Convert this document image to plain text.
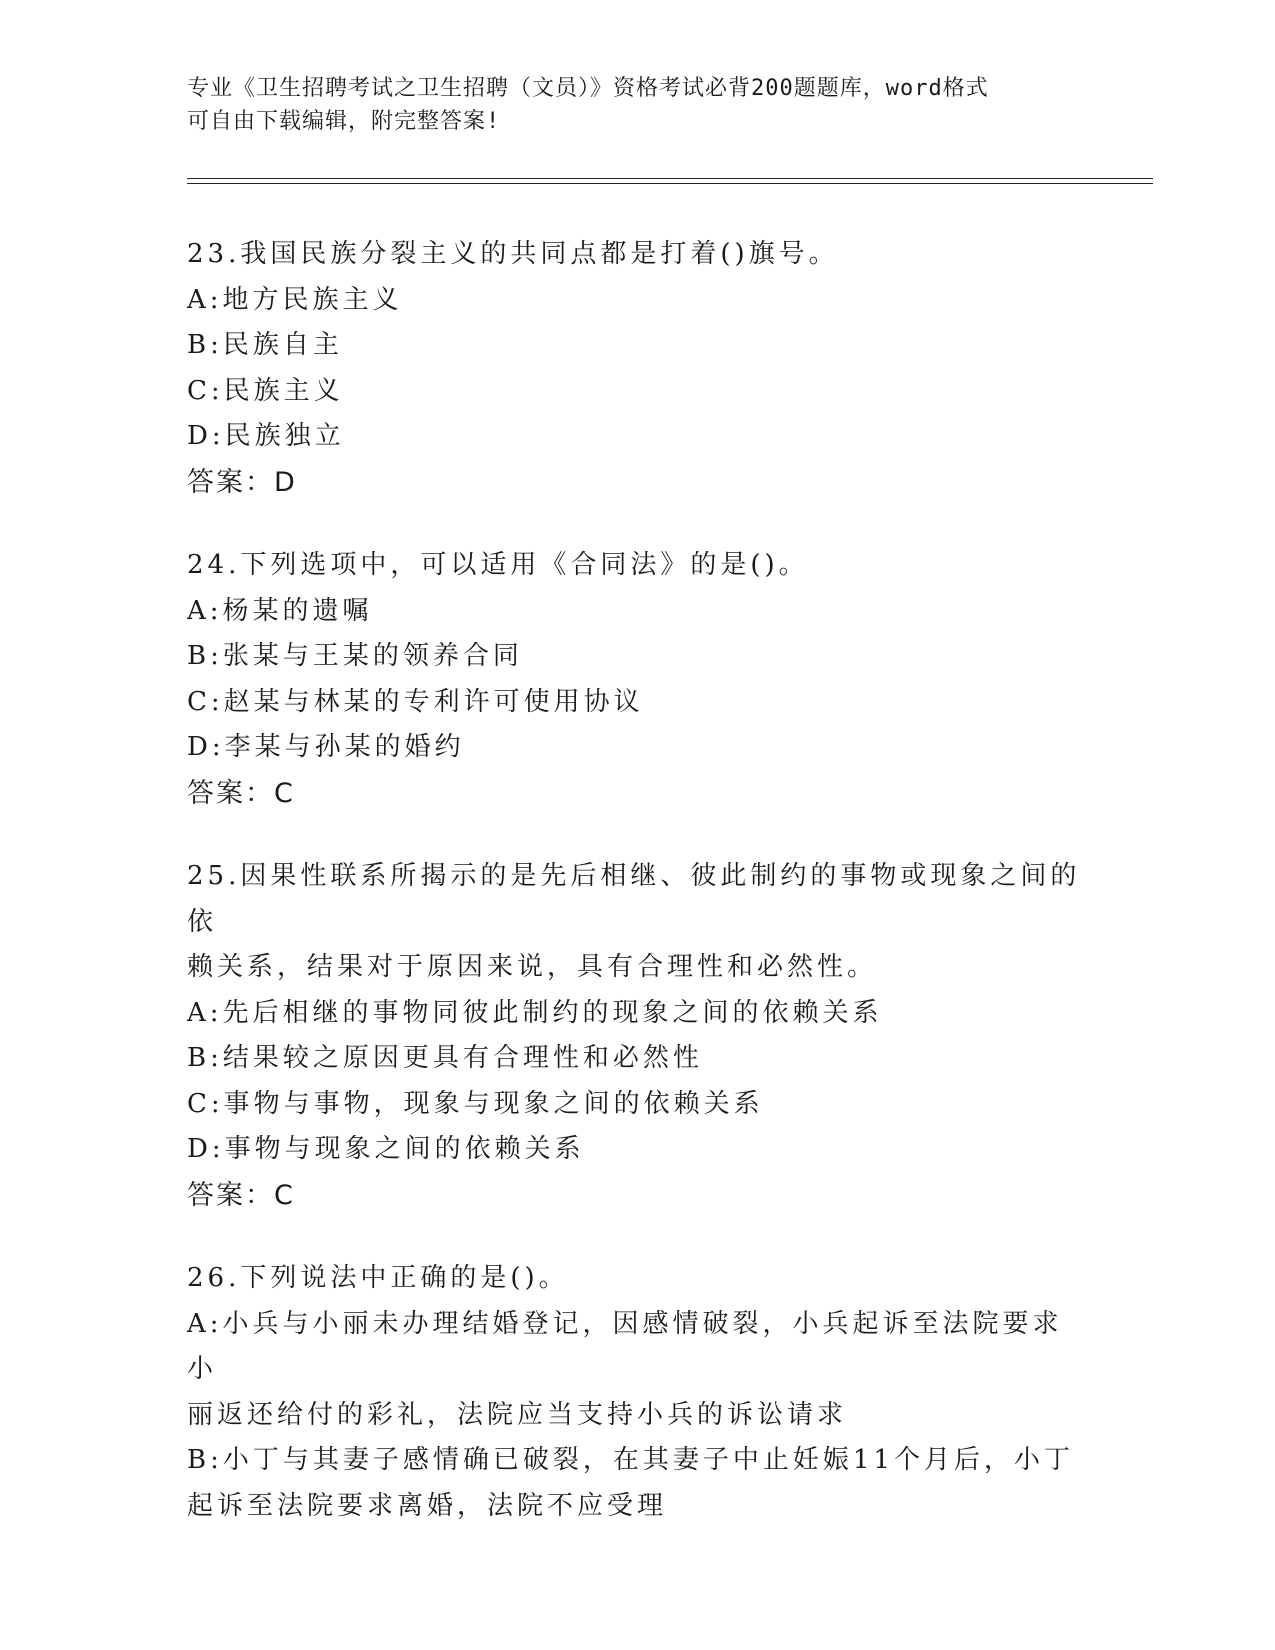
专业《卫生招聘考试之卫生招聘（文员）》资格考试必背200题题库，word格式
可自由下载编辑，附完整答案!

23.我国民族分裂主义的共同点都是打着()旗号。

A:地方民族主义

B:民族自主

C:民族主义

D:民族独立

答案：D

24.下列选项中，可以适用《合同法》的是()。

A:杨某的遗嘱

B:张某与王某的领养合同

C:赵某与林某的专利许可使用协议

D:李某与孙某的婚约

答案：C

25.因果性联系所揭示的是先后相继、彼此制约的事物或现象之间的依

赖关系，结果对于原因来说，具有合理性和必然性。

A:先后相继的事物同彼此制约的现象之间的依赖关系

B:结果较之原因更具有合理性和必然性

C:事物与事物，现象与现象之间的依赖关系

D:事物与现象之间的依赖关系

答案：C

26.下列说法中正确的是()。

A:小兵与小丽未办理结婚登记，因感情破裂，小兵起诉至法院要求小

丽返还给付的彩礼，法院应当支持小兵的诉讼请求

B:小丁与其妻子感情确已破裂，在其妻子中止妊娠11个月后，小丁

起诉至法院要求离婚，法院不应受理
